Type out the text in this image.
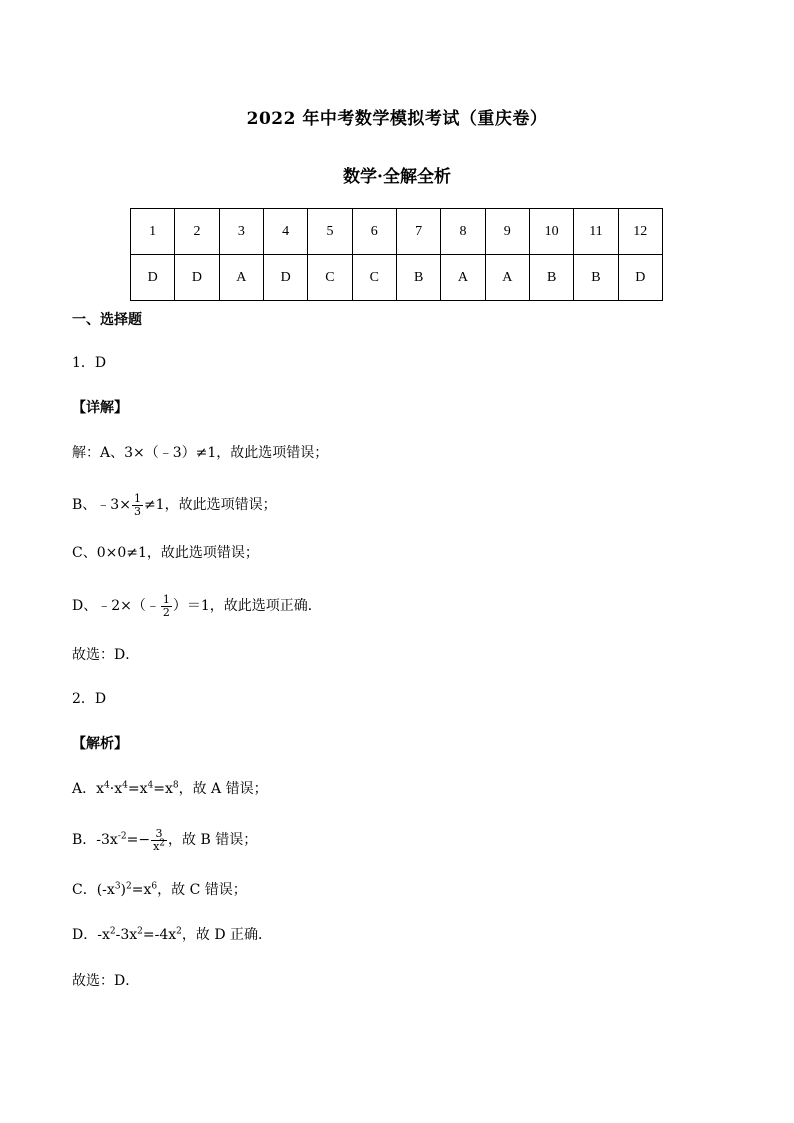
2022 年中考数学模拟考试（重庆卷）
数学·全解全析
1	2	3	4	5	6	7	8	9	10	11	12
D	D	A	D	C	C	B	A	A	B	B	D
一、选择题
1．D
【详解】
解：A、3×（﹣3）≠1，故此选项错误；
B、﹣3× $\frac{1}{3} \ne 1$，故此选项错误；
C、0×0≠1，故此选项错误；
D、﹣2×（﹣ $\frac{1}{2} )=1$，故此选项正确．
故选：D．
2．D
【解析】
A．$x^4\cdot x^4=x^4=x^8$，故 A 错误；
B．$-3x^{-2}=- \frac{3}{x^2}$ ，故 B 错误；
C．$(-x^3)^2=x^6$，故 C 错误；
D．$-x^2-3x^2=-4x^2$，故 D 正确．
故选：D．
